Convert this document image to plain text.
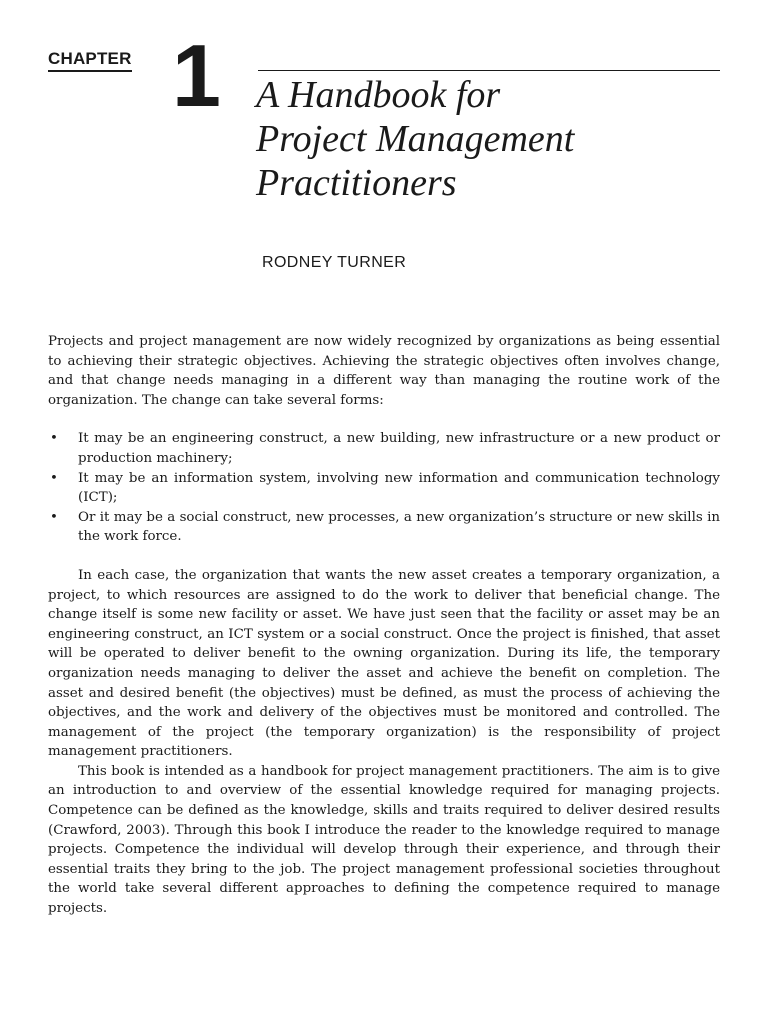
CHAPTER 1 A Handbook for
Project Management
Practitioners
RODNEY TURNER

Projects and project management are now widely recognized by organizations as being essential to achieving their strategic objectives. Achieving the strategic objectives often involves change, and that change needs managing in a different way than managing the routine work of the organization. The change can take several forms:

• It may be an engineering construct, a new building, new infrastructure or a new product or production machinery;
• It may be an information system, involving new information and communication technology (ICT);
• Or it may be a social construct, new processes, a new organization’s structure or new skills in the work force.

In each case, the organization that wants the new asset creates a temporary organization, a project, to which resources are assigned to do the work to deliver that beneficial change. The change itself is some new facility or asset. We have just seen that the facility or asset may be an engineering construct, an ICT system or a social construct. Once the project is finished, that asset will be operated to deliver benefit to the owning organization. During its life, the temporary organization needs managing to deliver the asset and achieve the benefit on completion. The asset and desired benefit (the objectives) must be defined, as must the process of achieving the objectives, and the work and delivery of the objectives must be monitored and controlled. The management of the project (the temporary organization) is the responsibility of project management practitioners.

This book is intended as a handbook for project management practitioners. The aim is to give an introduction to and overview of the essential knowledge required for managing projects. Competence can be defined as the knowledge, skills and traits required to deliver desired results (Crawford, 2003). Through this book I introduce the reader to the knowledge required to manage projects. Competence the individual will develop through their experience, and through their essential traits they bring to the job. The project management professional societies throughout the world take several different approaches to defining the competence required to manage projects.
